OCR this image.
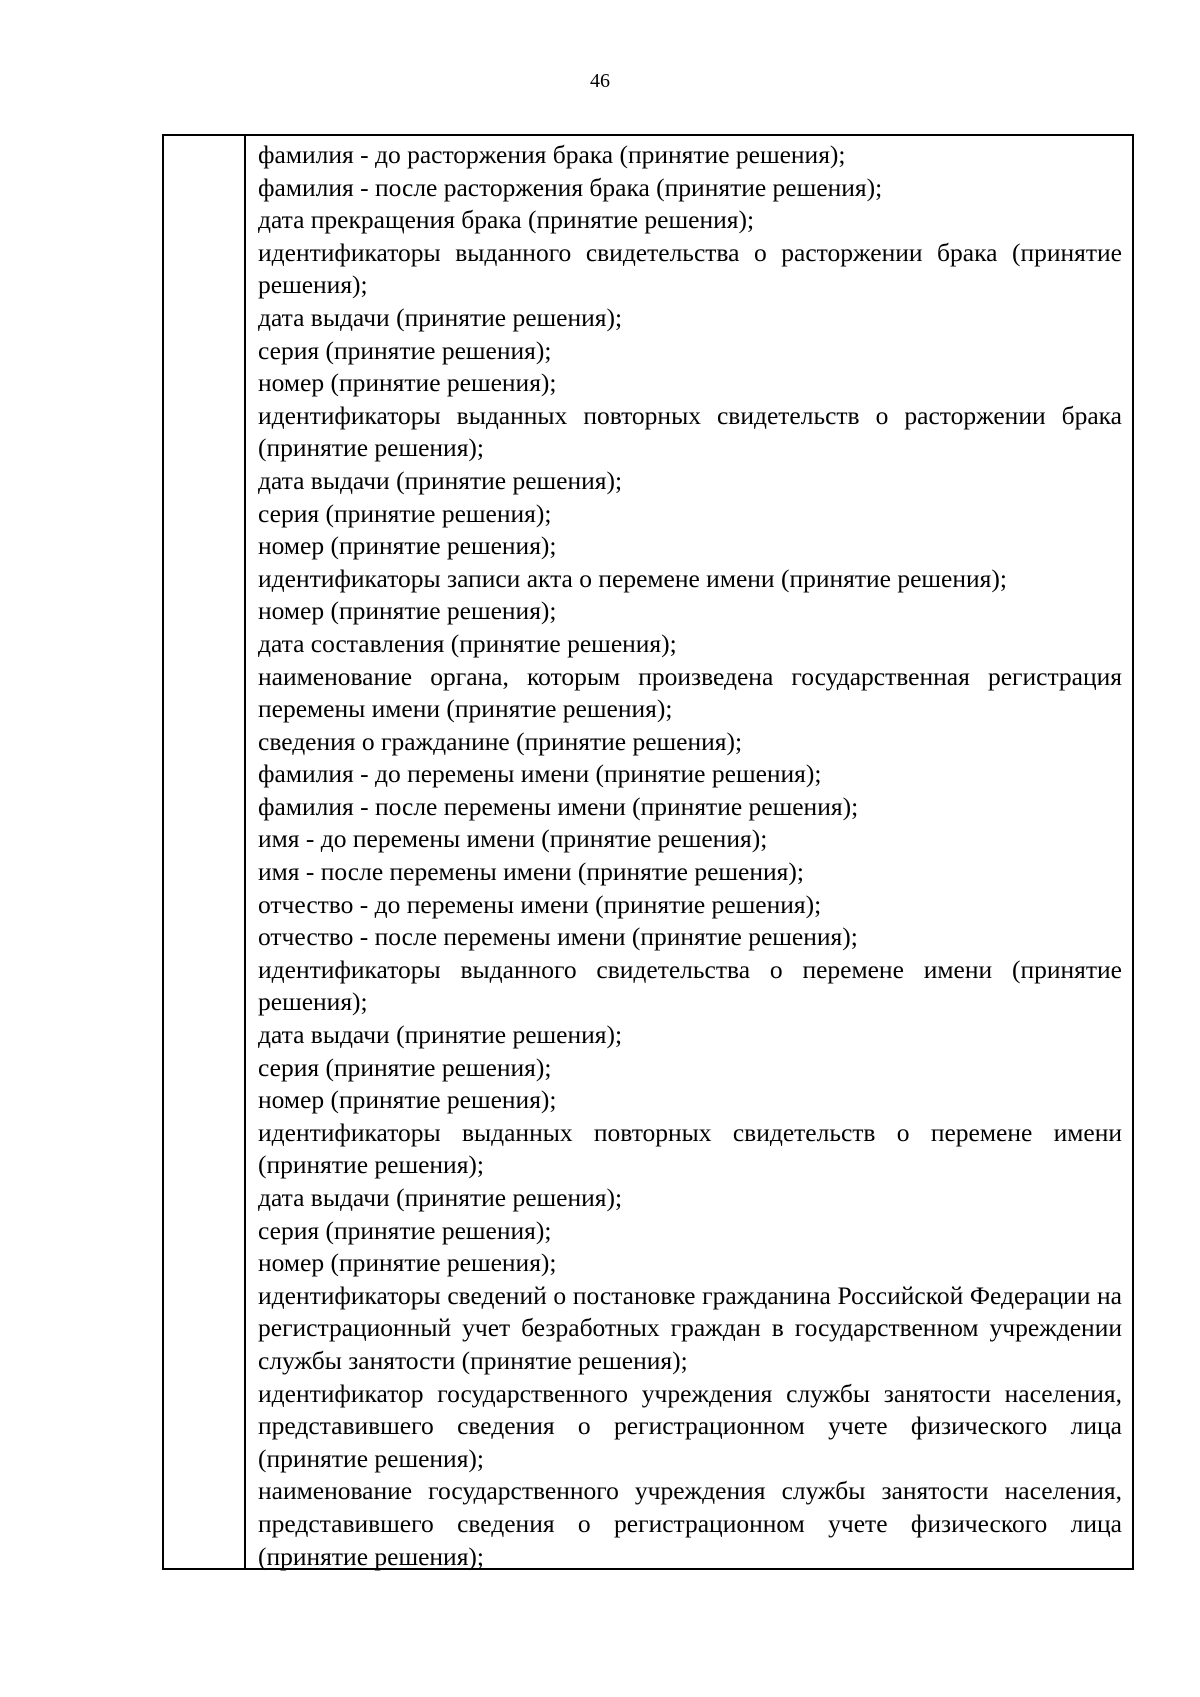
46

фамилия - до расторжения брака (принятие решения);

фамилия - после расторжения брака (принятие решения);

дата прекращения брака (принятие решения);

идентификаторы выданного свидетельства о расторжении брака (принятие решения);

дата выдачи (принятие решения);

серия (принятие решения);

номер (принятие решения);

идентификаторы выданных повторных свидетельств о расторжении брака (принятие решения);

дата выдачи (принятие решения);

серия (принятие решения);

номер (принятие решения);

идентификаторы записи акта о перемене имени (принятие решения);

номер (принятие решения);

дата составления (принятие решения);

наименование органа, которым произведена государственная регистрация перемены имени (принятие решения);

сведения о гражданине (принятие решения);

фамилия - до перемены имени (принятие решения);

фамилия - после перемены имени (принятие решения);

имя - до перемены имени (принятие решения);

имя - после перемены имени (принятие решения);

отчество - до перемены имени (принятие решения);

отчество - после перемены имени (принятие решения);

идентификаторы выданного свидетельства о перемене имени (принятие решения);

дата выдачи (принятие решения);

серия (принятие решения);

номер (принятие решения);

идентификаторы выданных повторных свидетельств о перемене имени (принятие решения);

дата выдачи (принятие решения);

серия (принятие решения);

номер (принятие решения);

идентификаторы сведений о постановке гражданина Российской Федерации на регистрационный учет безработных граждан в государственном учреждении службы занятости (принятие решения);

идентификатор государственного учреждения службы занятости населения, представившего сведения о регистрационном учете физического лица (принятие решения);

наименование государственного учреждения службы занятости населения, представившего сведения о регистрационном учете физического лица (принятие решения);
